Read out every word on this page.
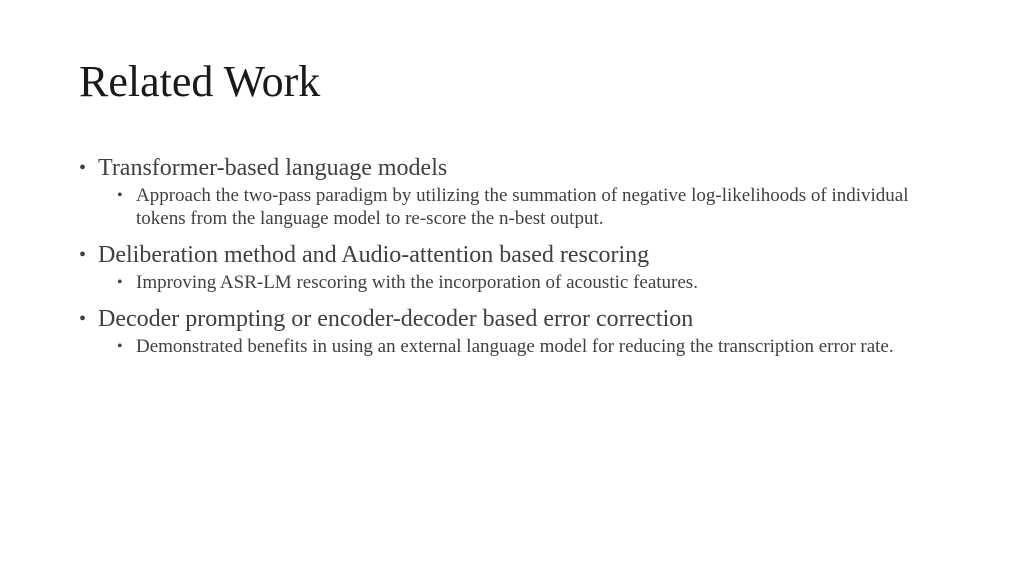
Related Work
• Transformer-based language models
• Approach the two-pass paradigm by utilizing the summation of negative log-likelihoods of individual tokens from the language model to re-score the n-best output.
• Deliberation method and Audio-attention based rescoring
• Improving ASR-LM rescoring with the incorporation of acoustic features.
• Decoder prompting or encoder-decoder based error correction
• Demonstrated benefits in using an external language model for reducing the transcription error rate.
